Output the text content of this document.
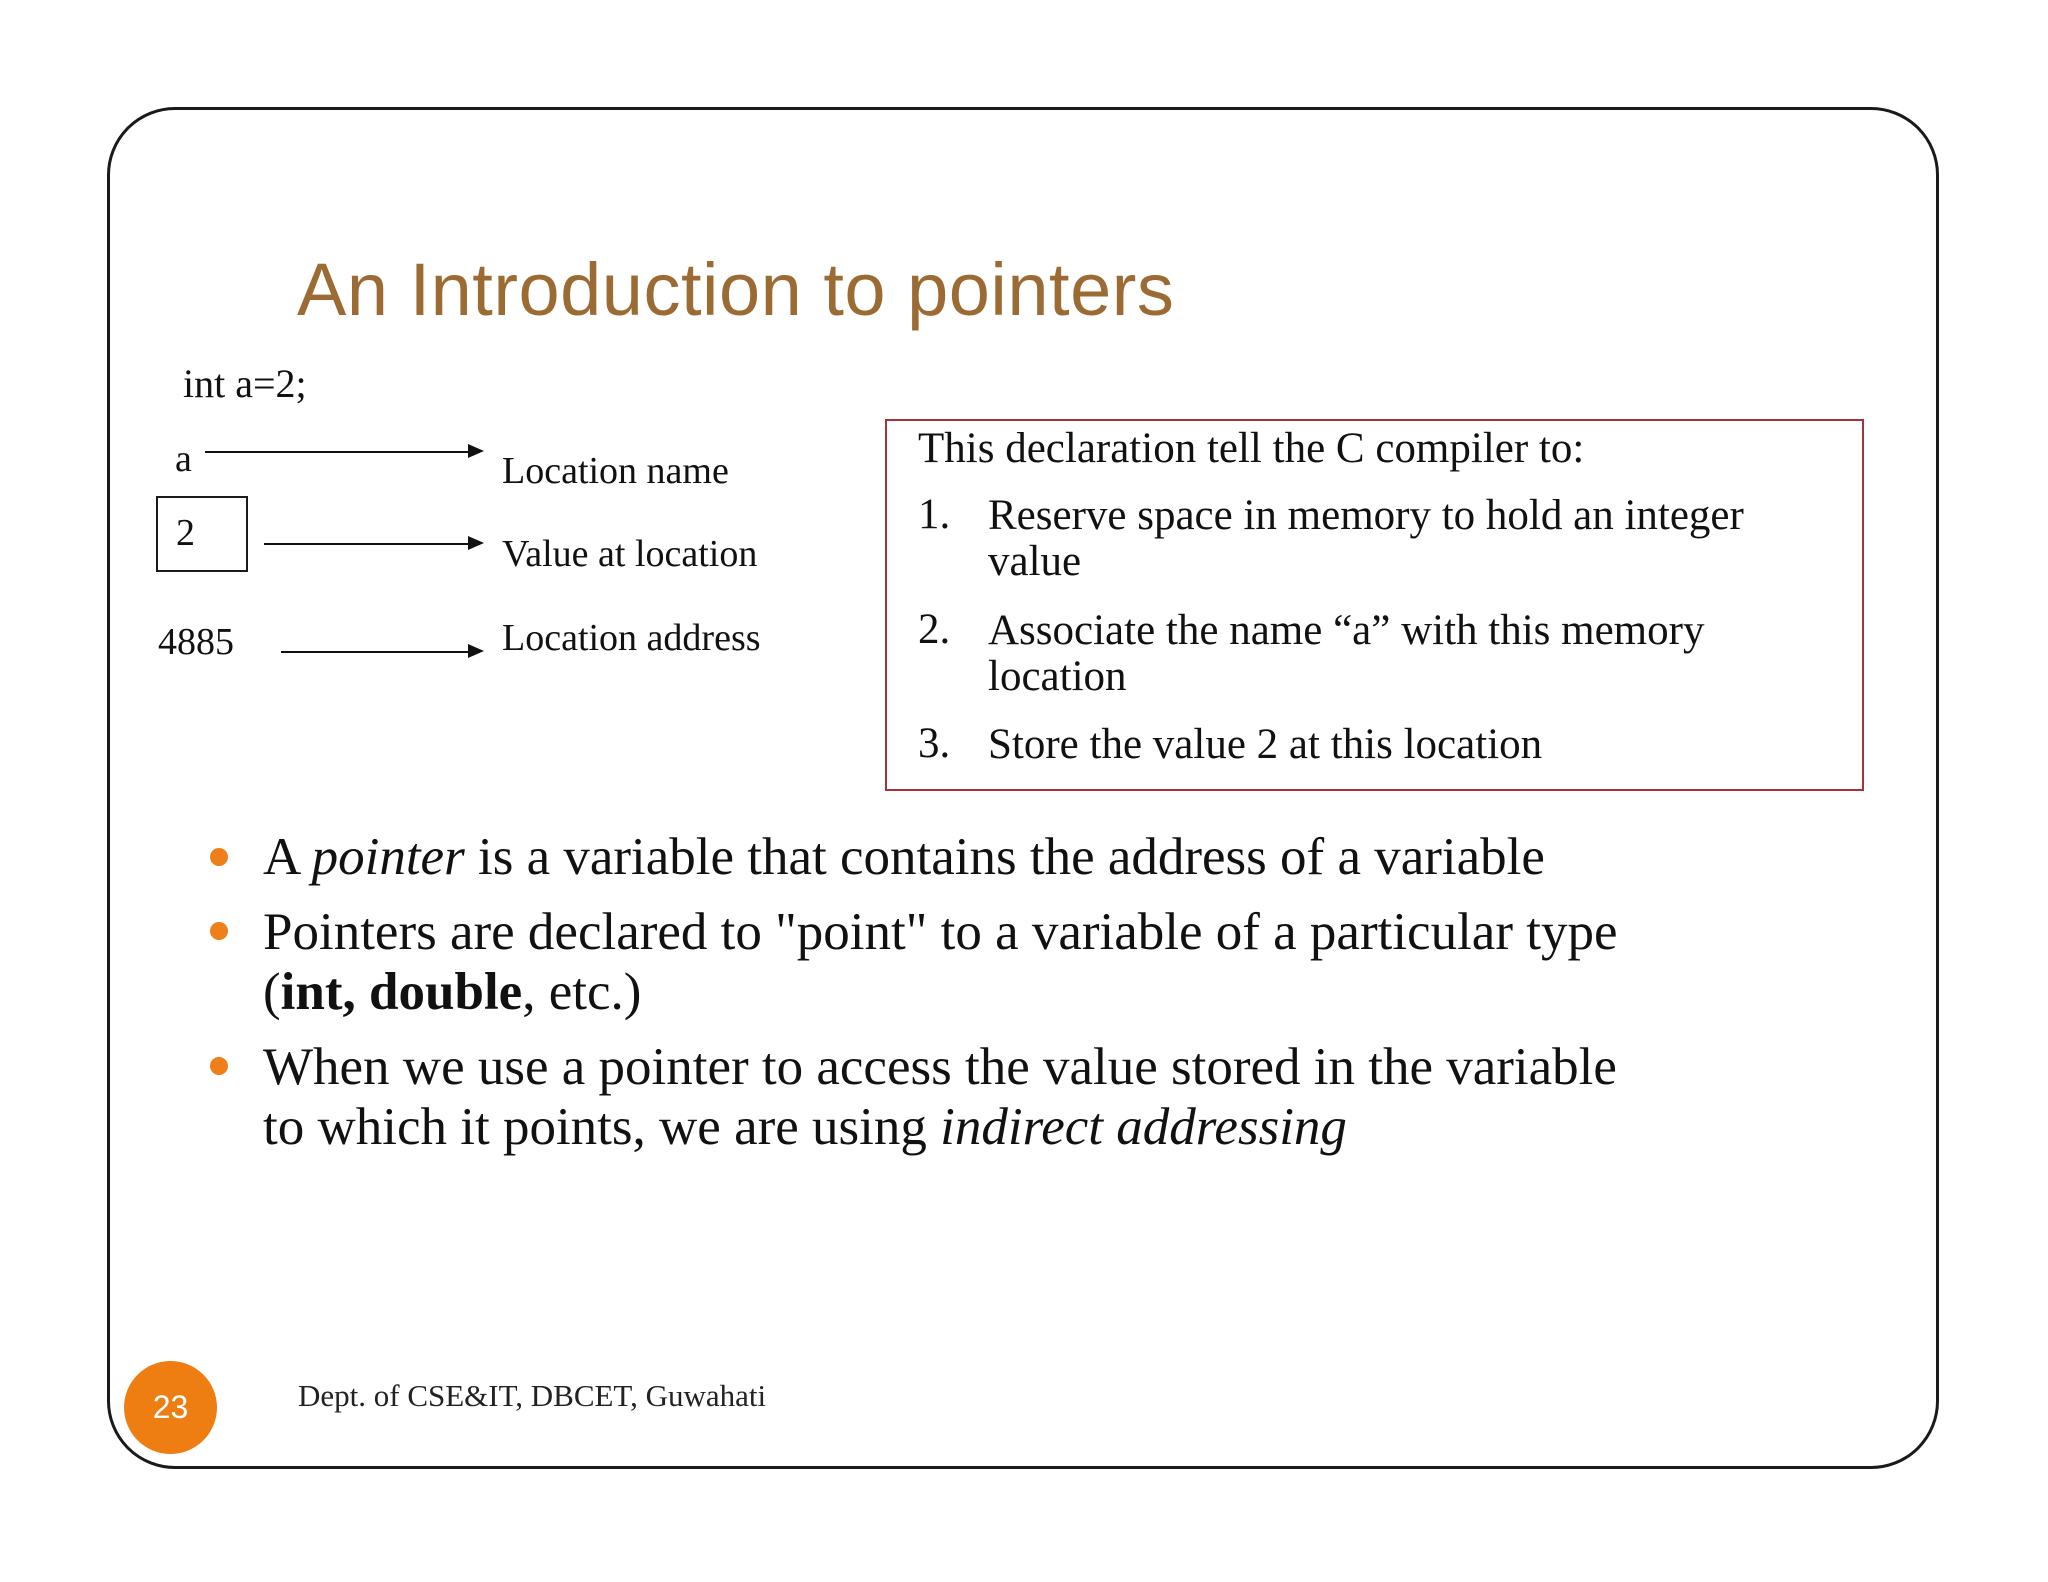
An Introduction to pointers
int a=2;
a
2
4885
Location name
Value at location
Location address
This declaration tell the C compiler to:
1. Reserve space in memory to hold an integer
value
2. Associate the name “a” with this memory
location
3. Store the value 2 at this location
A pointer is a variable that contains the address of a variable
Pointers are declared to "point" to a variable of a particular type
(int, double, etc.)
When we use a pointer to access the value stored in the variable
to which it points, we are using indirect addressing
23	Dept. of CSE&IT, DBCET, Guwahati
